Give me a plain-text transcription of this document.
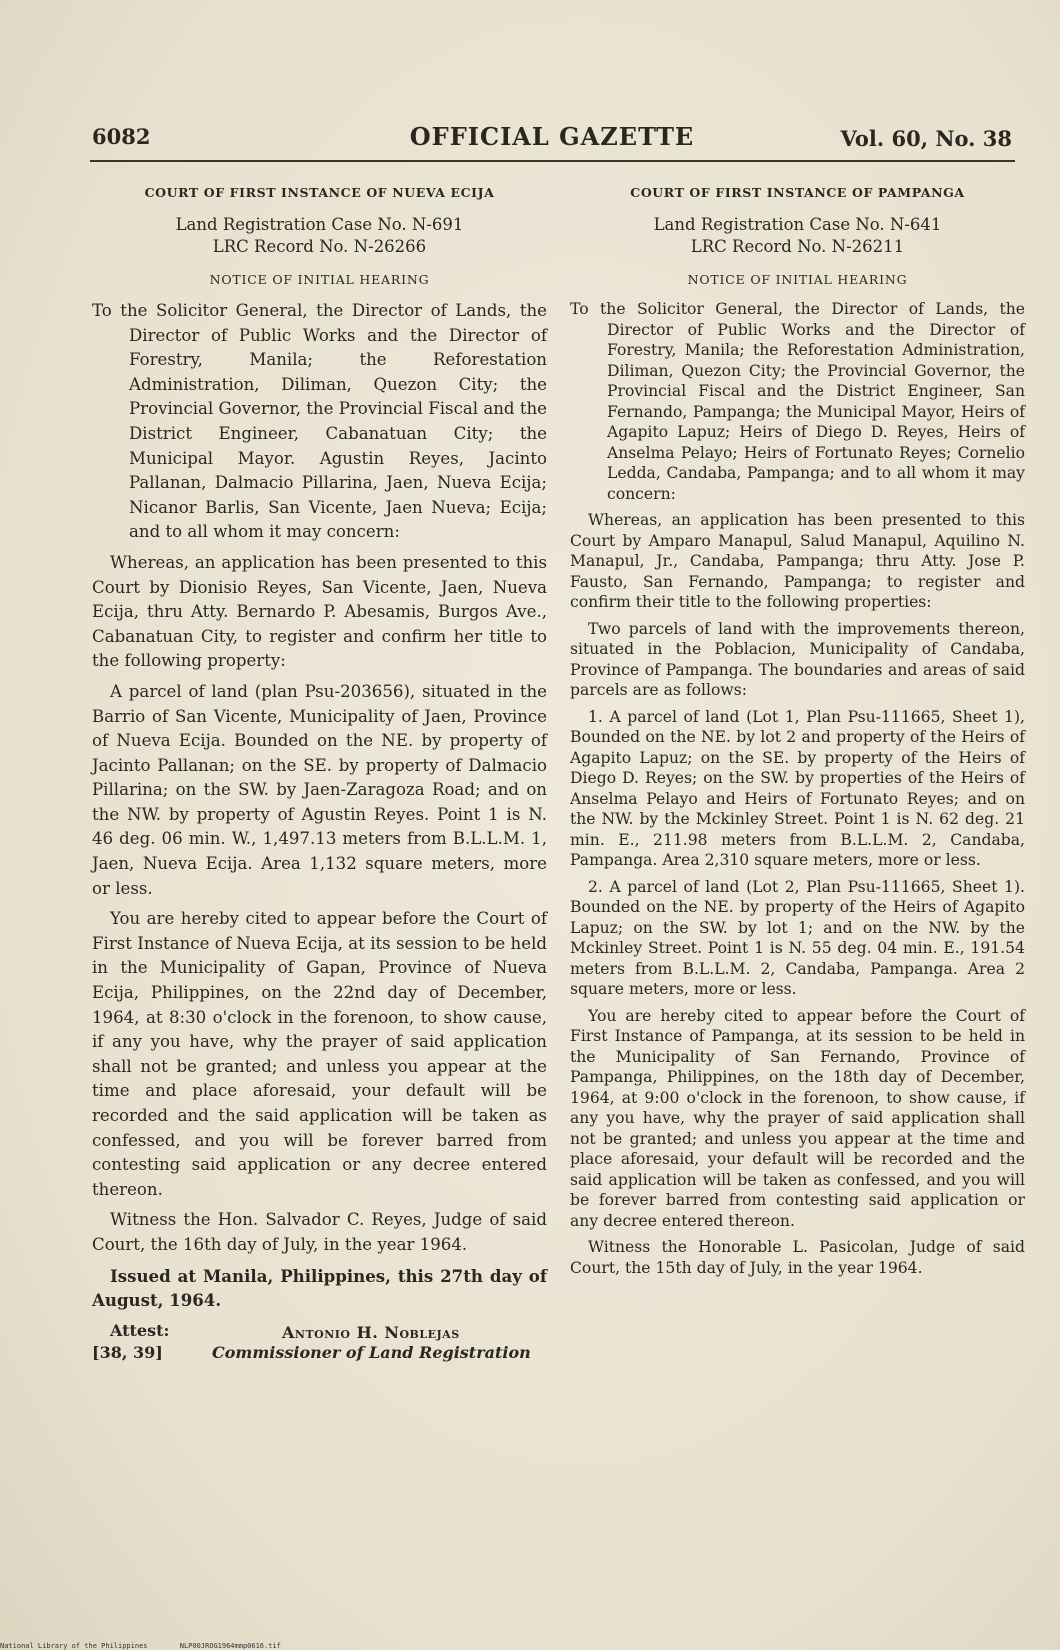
6082	OFFICIAL GAZETTE	Vol. 60, No. 38
COURT OF FIRST INSTANCE OF NUEVA ECIJA
Land Registration Case No. N-691
LRC Record No. N-26266
NOTICE OF INITIAL HEARING

To the Solicitor General, the Director of Lands, the Director of Public Works and the Director of Forestry, Manila; the Reforestation Administration, Diliman, Quezon City; the Provincial Governor, the Provincial Fiscal and the District Engineer, Cabanatuan City; the Municipal Mayor. Agustin Reyes, Jacinto Pallanan, Dalmacio Pillarina, Jaen, Nueva Ecija; Nicanor Barlis, San Vicente, Jaen Nueva; Ecija; and to all whom it may concern:

Whereas, an application has been presented to this Court by Dionisio Reyes, San Vicente, Jaen, Nueva Ecija, thru Atty. Bernardo P. Abesamis, Burgos Ave., Cabanatuan City, to register and confirm her title to the following property:

A parcel of land (plan Psu-203656), situated in the Barrio of San Vicente, Municipality of Jaen, Province of Nueva Ecija. Bounded on the NE. by property of Jacinto Pallanan; on the SE. by property of Dalmacio Pillarina; on the SW. by Jaen-Zaragoza Road; and on the NW. by property of Agustin Reyes. Point 1 is N. 46 deg. 06 min. W., 1,497.13 meters from B.L.L.M. 1, Jaen, Nueva Ecija. Area 1,132 square meters, more or less.

You are hereby cited to appear before the Court of First Instance of Nueva Ecija, at its session to be held in the Municipality of Gapan, Province of Nueva Ecija, Philippines, on the 22nd day of December, 1964, at 8:30 o'clock in the forenoon, to show cause, if any you have, why the prayer of said application shall not be granted; and unless you appear at the time and place aforesaid, your default will be recorded and the said application will be taken as confessed, and you will be forever barred from contesting said application or any decree entered thereon.

Witness the Hon. Salvador C. Reyes, Judge of said Court, the 16th day of July, in the year 1964.

Issued at Manila, Philippines, this 27th day of August, 1964.

Attest:
[38, 39]
Antonio H. Noblejas
Commissioner of Land Registration
COURT OF FIRST INSTANCE OF PAMPANGA
Land Registration Case No. N-641
LRC Record No. N-26211
NOTICE OF INITIAL HEARING

To the Solicitor General, the Director of Lands, the Director of Public Works and the Director of Forestry, Manila; the Reforestation Administration, Diliman, Quezon City; the Provincial Governor, the Provincial Fiscal and the District Engineer, San Fernando, Pampanga; the Municipal Mayor, Heirs of Agapito Lapuz; Heirs of Diego D. Reyes, Heirs of Anselma Pelayo; Heirs of Fortunato Reyes; Cornelio Ledda, Candaba, Pampanga; and to all whom it may concern:

Whereas, an application has been presented to this Court by Amparo Manapul, Salud Manapul, Aquilino N. Manapul, Jr., Candaba, Pampanga; thru Atty. Jose P. Fausto, San Fernando, Pampanga; to register and confirm their title to the following properties:

Two parcels of land with the improvements thereon, situated in the Poblacion, Municipality of Candaba, Province of Pampanga. The boundaries and areas of said parcels are as follows:

1. A parcel of land (Lot 1, Plan Psu-111665, Sheet 1), Bounded on the NE. by lot 2 and property of the Heirs of Agapito Lapuz; on the SE. by property of the Heirs of Diego D. Reyes; on the SW. by properties of the Heirs of Anselma Pelayo and Heirs of Fortunato Reyes; and on the NW. by the Mckinley Street. Point 1 is N. 62 deg. 21 min. E., 211.98 meters from B.L.L.M. 2, Candaba, Pampanga. Area 2,310 square meters, more or less.

2. A parcel of land (Lot 2, Plan Psu-111665, Sheet 1). Bounded on the NE. by property of the Heirs of Agapito Lapuz; on the SW. by lot 1; and on the NW. by the Mckinley Street. Point 1 is N. 55 deg. 04 min. E., 191.54 meters from B.L.L.M. 2, Candaba, Pampanga. Area 2 square meters, more or less.

You are hereby cited to appear before the Court of First Instance of Pampanga, at its session to be held in the Municipality of San Fernando, Province of Pampanga, Philippines, on the 18th day of December, 1964, at 9:00 o'clock in the forenoon, to show cause, if any you have, why the prayer of said application shall not be granted; and unless you appear at the time and place aforesaid, your default will be recorded and the said application will be taken as confessed, and you will be forever barred from contesting said application or any decree entered thereon.

Witness the Honorable L. Pasicolan, Judge of said Court, the 15th day of July, in the year 1964.

National Library of the Philippines	NLP00JROG1964mmp0616.tif
